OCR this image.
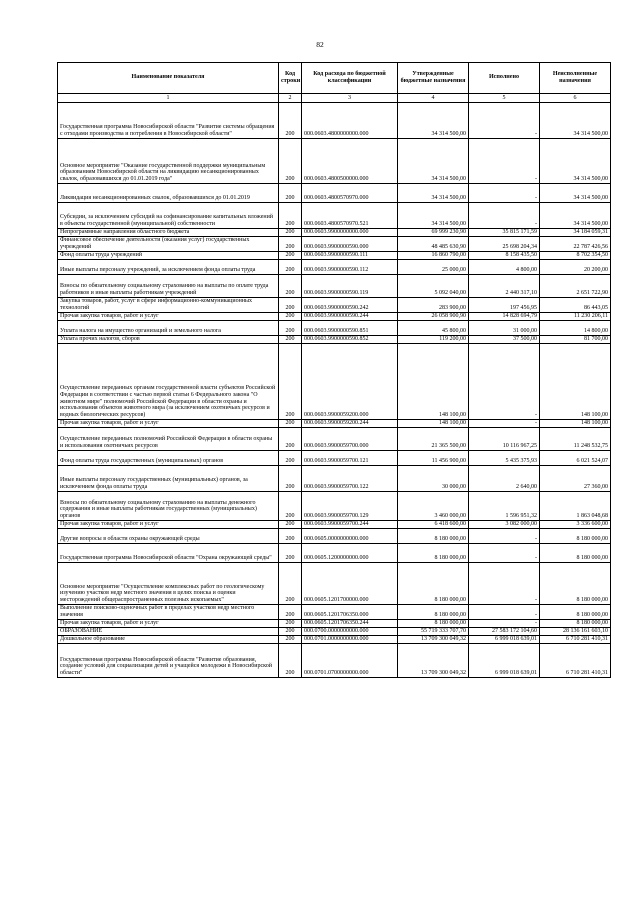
82
Наименование показателя	Код строки	Код расхода по бюджетной классификации	Утвержденные бюджетные назначения	Исполнено	Неисполненные назначения
1	2	3	4	5	6
Государственная программа Новосибирской области "Развитие системы обращения с отходами производства и потребления в Новосибирской области"	200	000.0603.4800000000.000	34 314 500,00	-	34 314 500,00
Основное мероприятие "Оказание государственной поддержки муниципальным образованиям Новосибирской области на ликвидацию несанкционированных свалок, образовавшихся до 01.01.2019 года"	200	000.0603.4800500000.000	34 314 500,00	-	34 314 500,00
Ликвидация несанкционированных свалок, образовавшихся до 01.01.2019	200	000.0603.4800570970.000	34 314 500,00	-	34 314 500,00
Субсидии, за исключением субсидий на софинансирование капитальных вложений в объекты государственной (муниципальной) собственности	200	000.0603.4800570970.521	34 314 500,00	-	34 314 500,00
Непрограммные направления областного бюджета	200	000.0603.9900000000.000	69 999 230,90	35 815 171,59	34 184 059,31
Финансовое обеспечение деятельности (оказания услуг) государственных учреждений	200	000.0603.9900000590.000	48 485 630,90	25 698 204,34	22 787 426,56
Фонд оплаты труда учреждений	200	000.0603.9900000590.111	16 860 790,00	8 158 435,50	8 702 354,50
Иные выплаты персоналу учреждений, за исключением фонда оплаты труда	200	000.0603.9900000590.112	25 000,00	4 800,00	20 200,00
Взносы по обязательному социальному страхованию на выплаты по оплате труда работников и иные выплаты работникам учреждений	200	000.0603.9900000590.119	5 092 040,00	2 440 317,10	2 651 722,90
Закупка товаров, работ, услуг в сфере информационно-коммуникационных технологий	200	000.0603.9900000590.242	283 900,00	197 456,95	86 443,05
Прочая закупка товаров, работ и услуг	200	000.0603.9900000590.244	26 058 900,90	14 828 694,79	11 230 206,11
Уплата налога на имущество организаций и земельного налога	200	000.0603.9900000590.851	45 800,00	31 000,00	14 800,00
Уплата прочих налогов, сборов	200	000.0603.9900000590.852	119 200,00	37 500,00	81 700,00
Осуществление переданных органам государственной власти субъектов Российской Федерации в соответствии с частью первой статьи 6 Федерального закона "О животном мире" полномочий Российской Федерации в области охраны и использования объектов животного мира (за исключением охотничьих ресурсов и водных биологических ресурсов)	200	000.0603.9900059200.000	148 100,00	-	148 100,00
Прочая закупка товаров, работ и услуг	200	000.0603.9900059200.244	148 100,00	-	148 100,00
Осуществление переданных полномочий Российской Федерации в области охраны и использования охотничьих ресурсов	200	000.0603.9900059700.000	21 365 500,00	10 116 967,25	11 248 532,75
Фонд оплаты труда государственных (муниципальных) органов	200	000.0603.9900059700.121	11 456 900,00	5 435 375,93	6 021 524,07
Иные выплаты персоналу государственных (муниципальных) органов, за исключением фонда оплаты труда	200	000.0603.9900059700.122	30 000,00	2 640,00	27 360,00
Взносы по обязательному социальному страхованию на выплаты денежного содержания и иные выплаты работникам государственных (муниципальных) органов	200	000.0603.9900059700.129	3 460 000,00	1 596 951,32	1 863 048,68
Прочая закупка товаров, работ и услуг	200	000.0603.9900059700.244	6 418 600,00	3 082 000,00	3 336 600,00
Другие вопросы в области охраны окружающей среды	200	000.0605.0000000000.000	8 180 000,00	-	8 180 000,00
Государственная программа Новосибирской области "Охрана окружающей среды"	200	000.0605.1200000000.000	8 180 000,00	-	8 180 000,00
Основное мероприятие "Осуществление комплексных работ по геологическому изучению участков недр местного значения в целях поиска и оценки месторождений общераспространенных полезных ископаемых"	200	000.0605.1201700000.000	8 180 000,00	-	8 180 000,00
Выполнение поисково-оценочных работ в пределах участков недр местного значения	200	000.0605.1201706350.000	8 180 000,00	-	8 180 000,00
Прочая закупка товаров, работ и услуг	200	000.0605.1201706350.244	8 180 000,00	-	8 180 000,00
ОБРАЗОВАНИЕ	200	000.0700.0000000000.000	55 719 333 707,70	27 583 172 104,60	28 136 161 603,10
Дошкольное образование	200	000.0701.0000000000.000	13 709 300 049,32	6 999 018 639,01	6 710 281 410,31
Государственная программа Новосибирской области "Развитие образования, создание условий для социализации детей и учащейся молодежи в Новосибирской области"	200	000.0701.0700000000.000	13 709 300 049,32	6 999 018 639,01	6 710 281 410,31
